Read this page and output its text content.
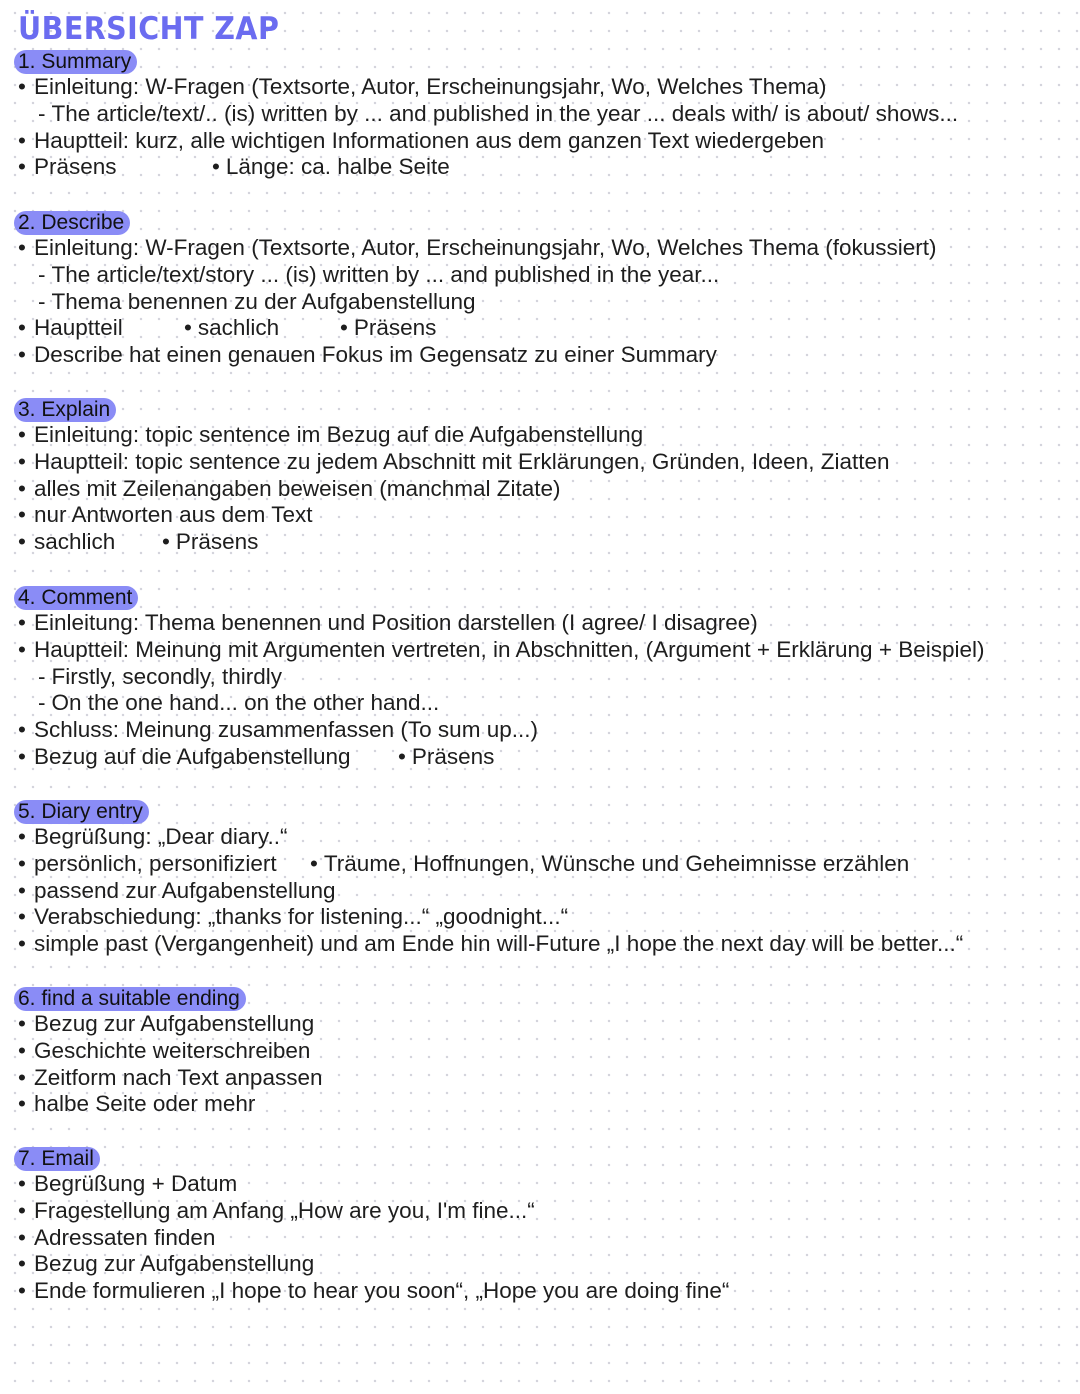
ÜBERSICHT ZAP
1. Summary
• Einleitung: W-Fragen (Textsorte, Autor, Erscheinungsjahr, Wo, Welches Thema)
- The article/text/.. (is) written by ... and published in the year ... deals with/ is about/ shows...
• Hauptteil: kurz, alle wichtigen Informationen aus dem ganzen Text wiedergeben
• Präsens	• Länge: ca. halbe Seite
2. Describe
• Einleitung: W-Fragen (Textsorte, Autor, Erscheinungsjahr, Wo, Welches Thema (fokussiert)
- The article/text/story ... (is) written by ... and published in the year...
- Thema benennen zu der Aufgabenstellung
• Hauptteil	• sachlich	• Präsens
• Describe hat einen genauen Fokus im Gegensatz zu einer Summary
3. Explain
• Einleitung: topic sentence im Bezug auf die Aufgabenstellung
• Hauptteil: topic sentence zu jedem Abschnitt mit Erklärungen, Gründen, Ideen, Ziatten
• alles mit Zeilenangaben beweisen (manchmal Zitate)
• nur Antworten aus dem Text
• sachlich • Präsens
4. Comment
• Einleitung: Thema benennen und Position darstellen (I agree/ I disagree)
• Hauptteil: Meinung mit Argumenten vertreten, in Abschnitten, (Argument + Erklärung + Beispiel)
- Firstly, secondly, thirdly
- On the one hand... on the other hand...
• Schluss: Meinung zusammenfassen (To sum up...)
• Bezug auf die Aufgabenstellung • Präsens
5. Diary entry
• Begrüßung: „Dear diary..“
• persönlich, personifiziert • Träume, Hoffnungen, Wünsche und Geheimnisse erzählen
• passend zur Aufgabenstellung
• Verabschiedung: „thanks for listening...“ „goodnight...“
• simple past (Vergangenheit) und am Ende hin will-Future „I hope the next day will be better...“
6. find a suitable ending
• Bezug zur Aufgabenstellung
• Geschichte weiterschreiben
• Zeitform nach Text anpassen
• halbe Seite oder mehr
7. Email
• Begrüßung + Datum
• Fragestellung am Anfang „How are you, I'm fine...“
• Adressaten finden
• Bezug zur Aufgabenstellung
• Ende formulieren „I hope to hear you soon“, „Hope you are doing fine“
